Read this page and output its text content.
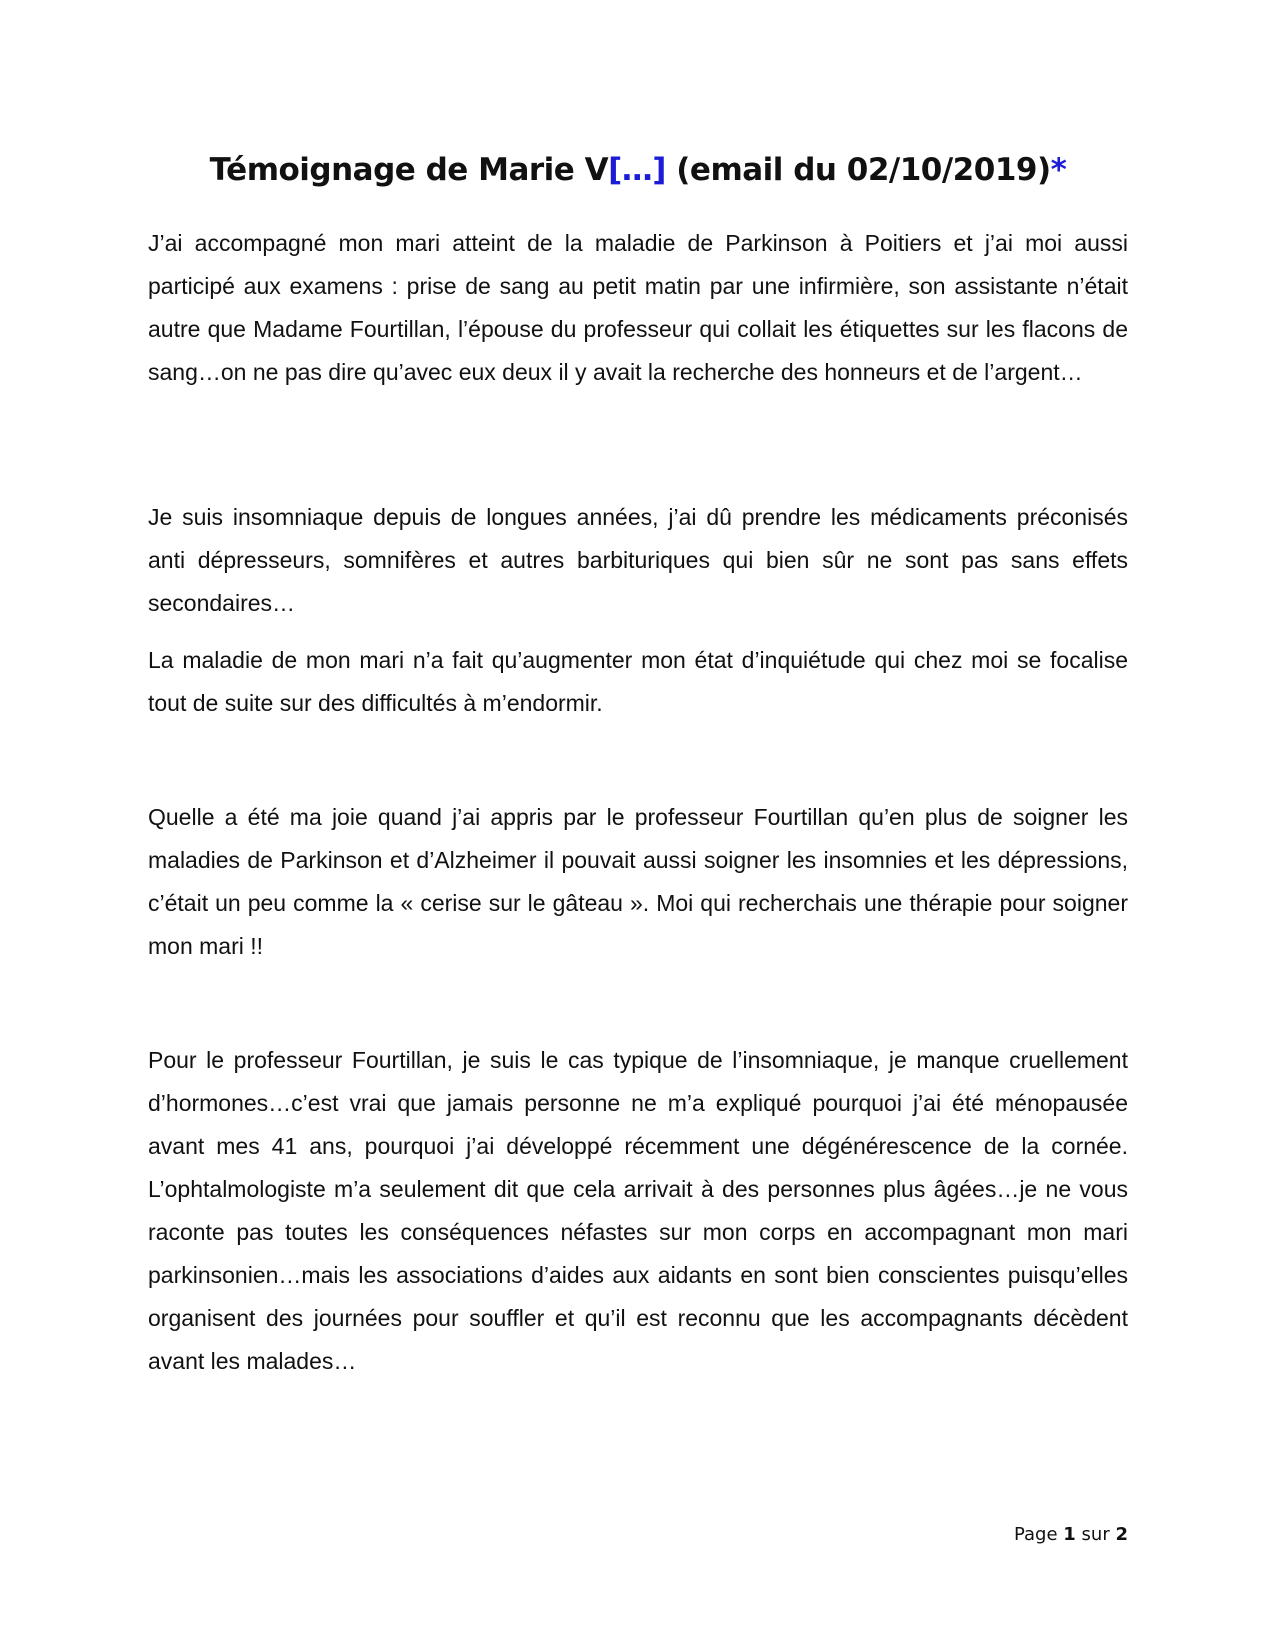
Témoignage de Marie V[…] (email du 02/10/2019)*

J’ai accompagné mon mari atteint de la maladie de Parkinson à Poitiers et j’ai moi aussi participé aux examens : prise de sang au petit matin par une infirmière, son assistante n’était autre que Madame Fourtillan, l’épouse du professeur qui collait les étiquettes sur les flacons de sang…on ne pas dire qu’avec eux deux il y avait la recherche des honneurs et de l’argent…

Je suis insomniaque depuis de longues années, j’ai dû prendre les médicaments préconisés anti dépresseurs, somnifères et autres barbituriques qui bien sûr ne sont pas sans effets secondaires…

La maladie de mon mari n’a fait qu’augmenter mon état d’inquiétude qui chez moi se focalise tout de suite sur des difficultés à m’endormir.

Quelle a été ma joie quand j’ai appris par le professeur Fourtillan qu’en plus de soigner les maladies de Parkinson et d’Alzheimer il pouvait aussi soigner les insomnies et les dépressions, c’était un peu comme la « cerise sur le gâteau ». Moi qui recherchais une thérapie pour soigner mon mari !!

Pour le professeur Fourtillan, je suis le cas typique de l’insomniaque, je manque cruellement d’hormones…c’est vrai que jamais personne ne m’a expliqué pourquoi j’ai été ménopausée avant mes 41 ans, pourquoi j’ai développé récemment une dégénérescence de la cornée. L’ophtalmologiste m’a seulement dit que cela arrivait à des personnes plus âgées…je ne vous raconte pas toutes les conséquences néfastes sur mon corps en accompagnant mon mari parkinsonien…mais les associations d’aides aux aidants en sont bien conscientes puisqu’elles organisent des journées pour souffler et qu’il est reconnu que les accompagnants décèdent avant les malades…

Page 1 sur 2
